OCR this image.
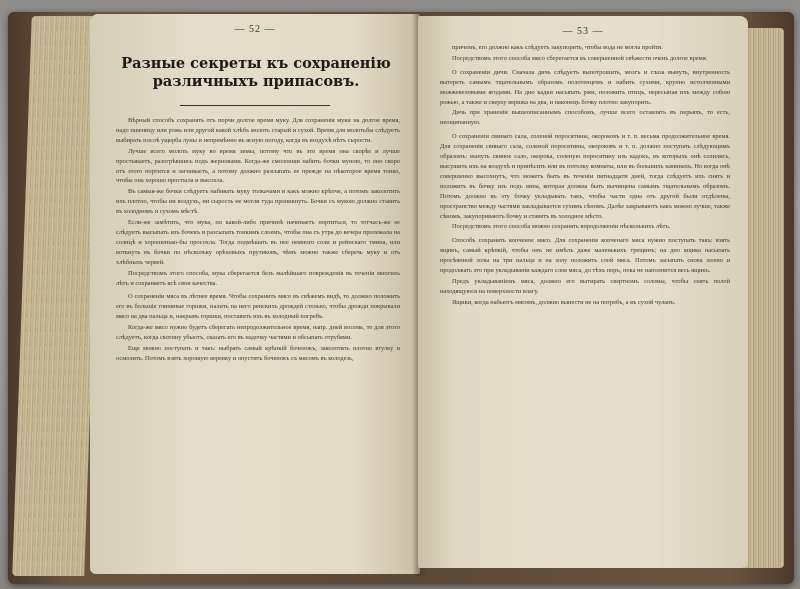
— 52 —
Разные секреты къ сохраненію различныхъ припасовъ.

Вѣрный способъ сохранять отъ порчи долгое время муку. Для сохраненія муки на долгое время, надо пшеницу или рожь или другой какой хлѣбъ молоть старый и сухой. Время для молотьбы слѣдуетъ выбирать послѣ ущерба луны и непремѣнно въ ясную погоду, когда въ воздухѣ нѣтъ сырости.

Лучше всего молоть муку во время зимы, потому что въ это время она скорѣе и лучше простываетъ, разогрѣвшись подъ жерновами. Когда-же смолонши набить бочки муною, то оно скоро отъ этого портится и загниваетъ, а потому должно разсыпать ее прежде на нѣкоторое время тонко, чтобы она хорошо простыла и высохла.

Въ самыя-же бочки слѣдуетъ набивать муку толкачами и какъ можно крѣпче, а потомъ заколотить ихъ плотно, чтобы ни воздухъ, ни сырость не могли туда проникнуть. Бочки съ мукою должно ставить въ холодномъ и сухомъ мѣстѣ.

Если-же замѣтить, что мука, по какой-либо причинѣ начинаетъ портиться, то тотчасъ-же ее слѣдуетъ высыпать изъ бочекъ и разсыпать тонкимъ слоемъ, чтобы она съ утра до вечера пролежала на солнцѣ и хорошенько-бы просохла. Тогда подмѣшать въ нее немного соли и рейнскаго тмина, или воткнуть въ бочки по нѣскольку орѣховыхъ прутиковъ, чѣмъ можно также сберечь муку и отъ хлѣбныхъ червей.

Посредствомъ этого способа, мука сберегается безъ малѣйшаго поврежденія въ теченіи многихъ лѣтъ и сохраняетъ всѣ свои качества.

О сохраненіи мяса въ лѣтнее время. Чтобы сохранить мясо въ свѣжемъ видѣ, то должно положить его въ большіе глиняные горшки, налить на него ренскихъ дрождей столько, чтобы дрожди покрывали мясо на два пальца и, накрывъ горшки, поставить ихъ въ холодный погребъ.

Когда-же мясо нужно будетъ сберегать непродолжительное время, напр. дней восемь, то для этого слѣдуетъ, когда скотину убьютъ, сказать его въ надочку частями и обсыпать отрубями.

Еще можно поступать и такъ: выбрать самый крѣпкій боченокъ, заколотить плотно втулку и осмолить. Потомъ взять хорошую веревку и опустить боченокъ съ мясомъ въ колодезь,

— 53 —

причемъ, его должно какъ слѣдуетъ закупорить, чтобы вода не могла пройти.

Посредствомъ этого способа мясо сберегается въ совершенной свѣжести очень долгое время.

О сохраненіи дичи. Сначала дичь слѣдуетъ выпотрошить, мозгъ и глаза вынуть, внутренность вытереть самымъ тщательнымъ образомъ полотенцемъ и набить сухими, крупно истолченными можжевеловыми ягодами. На дно кадки насыпать ржи, положить птицъ, пересыпая ихъ между собою рожью, а также и сверху вершка на два, и наконецъ бочку плотно закупорить.

Дичь при храненіи вышеописаннымъ способомъ, лучше всего оставлять въ перьяхъ, то есть, неощипанную.

О сохраненіи свинаго сала, соленой поросятины, окороковъ и т. п. весьма продолжительное время. Для сохраненія свинаго сала, соленой поросятины, окороковъ и т. п. должно поступать слѣдующимъ образомъ: вынуть свиное сало, окорока, соленую поросятину изъ кадокъ, въ которыхъ онѣ солились, высушить ихъ на воздухѣ и принѣсить или въ потолку комнаты, или въ большихъ каминахъ. Но когда онѣ совершенно высохнутъ, что можетъ быть въ теченіи пятнадцати дней, тогда слѣдуетъ ихъ снять и положить въ бочку изъ подъ вина, которая должна быть вычищена самымъ тщательнымъ образомъ. Потомъ должно въ эту бочку укладывать такъ, чтобы части одна отъ другой были отдѣлены, пространство между частями закладывается сухимъ сѣномъ. Далѣе закрываютъ какъ можно лучше, также сѣномъ, закупориваютъ бочку и ставятъ въ холодное мѣсто.

Посредствомъ этого способа можно сохранять впродолженіи нѣсколькихъ лѣтъ.

Способъ сохранять копченое мясо. Для сохраненія копченаго мяса нужно поступать такъ: взять ящикъ, самый крѣпкій, чтобы онъ не имѣлъ даже маленькихъ трещинъ; на дно ящика насыпать просѣянной золы на три пальца и на золу положить слой мяса. Потомъ засыпать снова золою и продолжать это при укладываніи каждаго слоя мяса, до тѣхъ поръ, пока не наполнится весь ящикъ.

Предъ укладываніемъ мяса, должно его вытирать свертномъ соломы, чтобы снять полой находящуюся на поверхности влагу.

Ящики, когда набьютъ мясомъ, должно вынести не на погребъ, а въ сухой чуланъ.
